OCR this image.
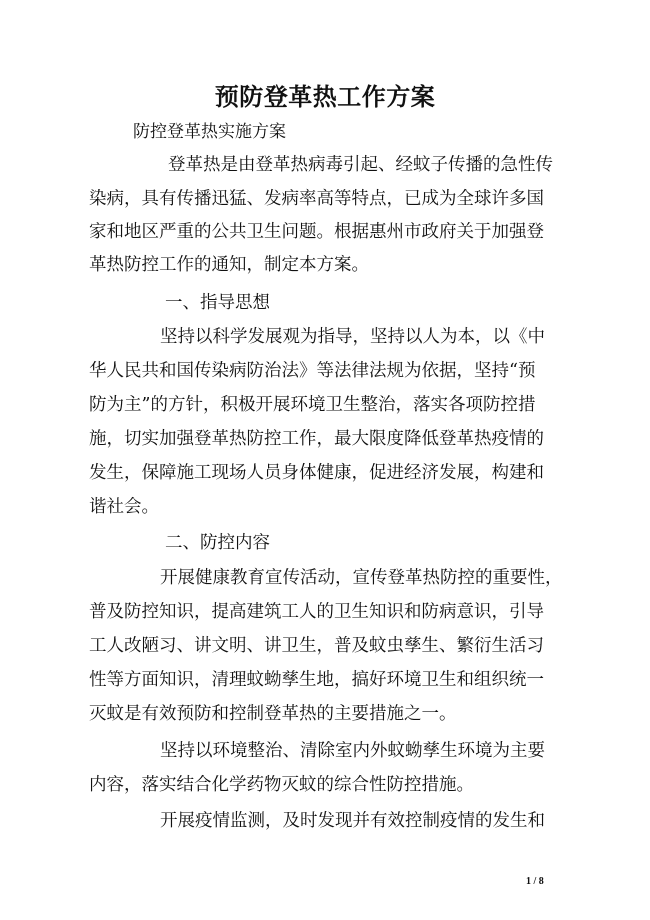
预防登革热工作方案
防控登革热实施方案
登革热是由登革热病毒引起、经蚊子传播的急性传
染病，具有传播迅猛、发病率高等特点，已成为全球许多国
家和地区严重的公共卫生问题。根据惠州市政府关于加强登
革热防控工作的通知，制定本方案。
一、指导思想
坚持以科学发展观为指导，坚持以人为本，以《中
华人民共和国传染病防治法》等法律法规为依据，坚持“预
防为主”的方针，积极开展环境卫生整治，落实各项防控措
施，切实加强登革热防控工作，最大限度降低登革热疫情的
发生，保障施工现场人员身体健康，促进经济发展，构建和
谐社会。
二、防控内容
开展健康教育宣传活动，宣传登革热防控的重要性，
普及防控知识，提高建筑工人的卫生知识和防病意识，引导
工人改陋习、讲文明、讲卫生，普及蚊虫孳生、繁衍生活习
性等方面知识，清理蚊蚴孳生地，搞好环境卫生和组织统一
灭蚊是有效预防和控制登革热的主要措施之一。
坚持以环境整治、清除室内外蚊蚴孳生环境为主要
内容，落实结合化学药物灭蚊的综合性防控措施。
开展疫情监测，及时发现并有效控制疫情的发生和
1 / 8
